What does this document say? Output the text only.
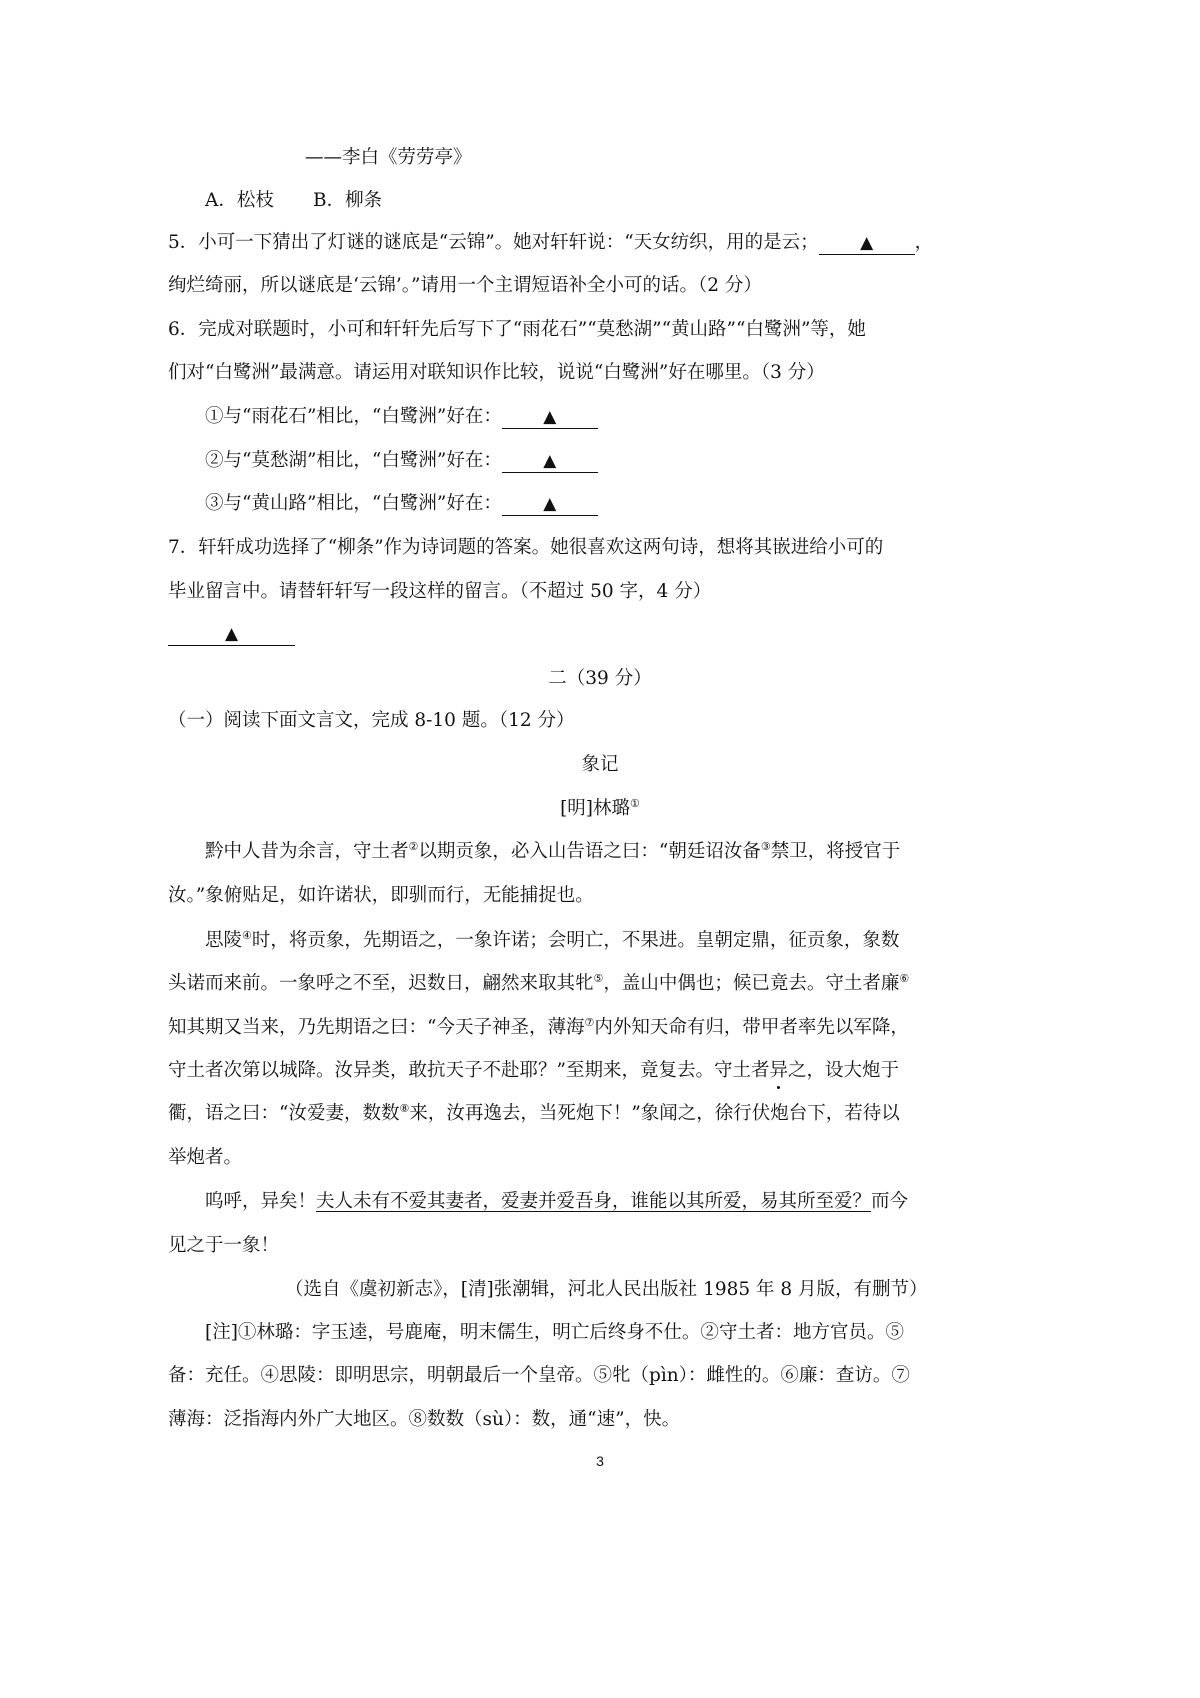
——李白《劳劳亭》
A．松枝 B．柳条
5．小可一下猜出了灯谜的谜底是“云锦”。她对轩轩说：“天女纺织，用的是云； ▲ ，
绚烂绮丽，所以谜底是‘云锦’。”请用一个主谓短语补全小可的话。（2 分）
6．完成对联题时，小可和轩轩先后写下了“雨花石”“莫愁湖”“黄山路”“白鹭洲”等，她
们对“白鹭洲”最满意。请运用对联知识作比较，说说“白鹭洲”好在哪里。（3 分）
①与“雨花石”相比，“白鹭洲”好在： ▲
②与“莫愁湖”相比，“白鹭洲”好在： ▲
③与“黄山路”相比，“白鹭洲”好在： ▲
7．轩轩成功选择了“柳条”作为诗词题的答案。她很喜欢这两句诗，想将其嵌进给小可的
毕业留言中。请替轩轩写一段这样的留言。（不超过 50 字，4 分）
▲
二（39 分）
（一）阅读下面文言文，完成 8-10 题。（12 分）
象记
[明]林璐①
黔中人昔为余言，守土者②以期贡象，必入山告语之曰：“朝廷诏汝备③禁卫，将授官于
汝。”象俯贴足，如许诺状，即驯而行，无能捕捉也。
思陵④时，将贡象，先期语之，一象许诺；会明亡，不果进。皇朝定鼎，征贡象，象数
头诺而来前。一象呼之不至，迟数日，翩然来取其牝⑤，盖山中偶也；候已竟去。守土者廉⑥
知其期又当来，乃先期语之曰：“今天子神圣，薄海⑦内外知天命有归，带甲者率先以军降，
守土者次第以城降。汝异类，敢抗天子不赴耶？”至期来，竟复去。守土者异之，设大炮于
衢，语之曰：“汝爱妻，数数⑧来，汝再逸去，当死炮下！”象闻之，徐行伏炮台下，若待以
举炮者。
呜呼，异矣！夫人未有不爱其妻者，爱妻并爱吾身，谁能以其所爱，易其所至爱？而今
见之于一象！
（选自《虞初新志》，[清]张潮辑，河北人民出版社 1985 年 8 月版，有删节）
[注]①林璐：字玉逵，号鹿庵，明末儒生，明亡后终身不仕。②守土者：地方官员。⑤
备：充任。④思陵：即明思宗，明朝最后一个皇帝。⑤牝（pìn）：雌性的。⑥廉：查访。⑦
薄海：泛指海内外广大地区。⑧数数（sù）：数，通“速”，快。
3
